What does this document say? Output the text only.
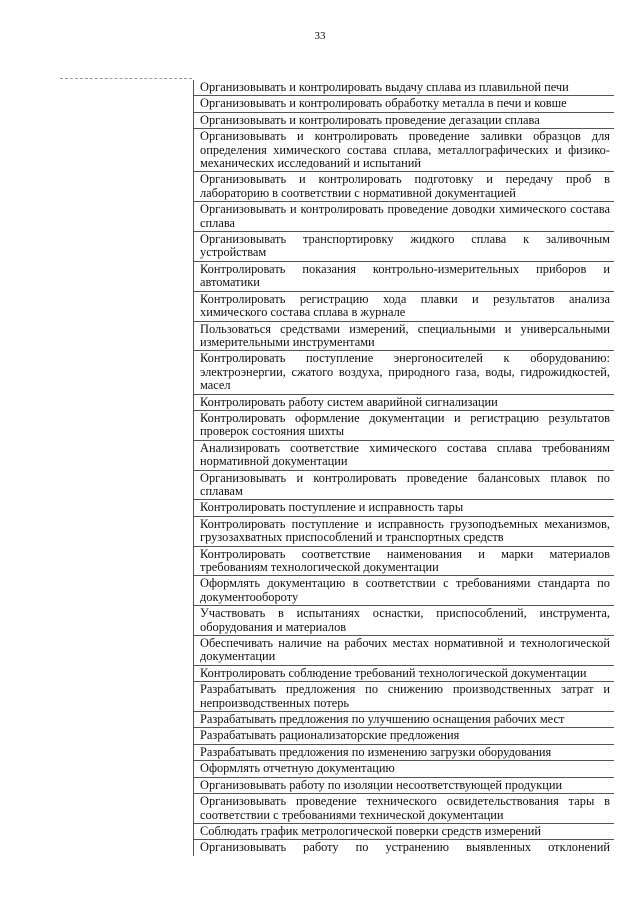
33
Организовывать и контролировать выдачу сплава из плавильной печи
Организовывать и контролировать обработку металла в печи и ковше
Организовывать и контролировать проведение дегазации сплава
Организовывать и контролировать проведение заливки образцов для определения химического состава сплава, металлографических и физико-механических исследований и испытаний
Организовывать и контролировать подготовку и передачу проб в лабораторию в соответствии с нормативной документацией
Организовывать и контролировать проведение доводки химического состава сплава
Организовывать транспортировку жидкого сплава к заливочным устройствам
Контролировать показания контрольно-измерительных приборов и автоматики
Контролировать регистрацию хода плавки и результатов анализа химического состава сплава в журнале
Пользоваться средствами измерений, специальными и универсальными измерительными инструментами
Контролировать поступление энергоносителей к оборудованию: электроэнергии, сжатого воздуха, природного газа, воды, гидрожидкостей, масел
Контролировать работу систем аварийной сигнализации
Контролировать оформление документации и регистрацию результатов проверок состояния шихты
Анализировать соответствие химического состава сплава требованиям нормативной документации
Организовывать и контролировать проведение балансовых плавок по сплавам
Контролировать поступление и исправность тары
Контролировать поступление и исправность грузоподъемных механизмов, грузозахватных приспособлений и транспортных средств
Контролировать соответствие наименования и марки материалов требованиям технологической документации
Оформлять документацию в соответствии с требованиями стандарта по документообороту
Участвовать в испытаниях оснастки, приспособлений, инструмента, оборудования и материалов
Обеспечивать наличие на рабочих местах нормативной и технологической документации
Контролировать соблюдение требований технологической документации
Разрабатывать предложения по снижению производственных затрат и непроизводственных потерь
Разрабатывать предложения по улучшению оснащения рабочих мест
Разрабатывать рационализаторские предложения
Разрабатывать предложения по изменению загрузки оборудования
Оформлять отчетную документацию
Организовывать работу по изоляции несоответствующей продукции
Организовывать проведение технического освидетельствования тары в соответствии с требованиями технической документации
Соблюдать график метрологической поверки средств измерений
Организовывать работу по устранению выявленных отклонений
